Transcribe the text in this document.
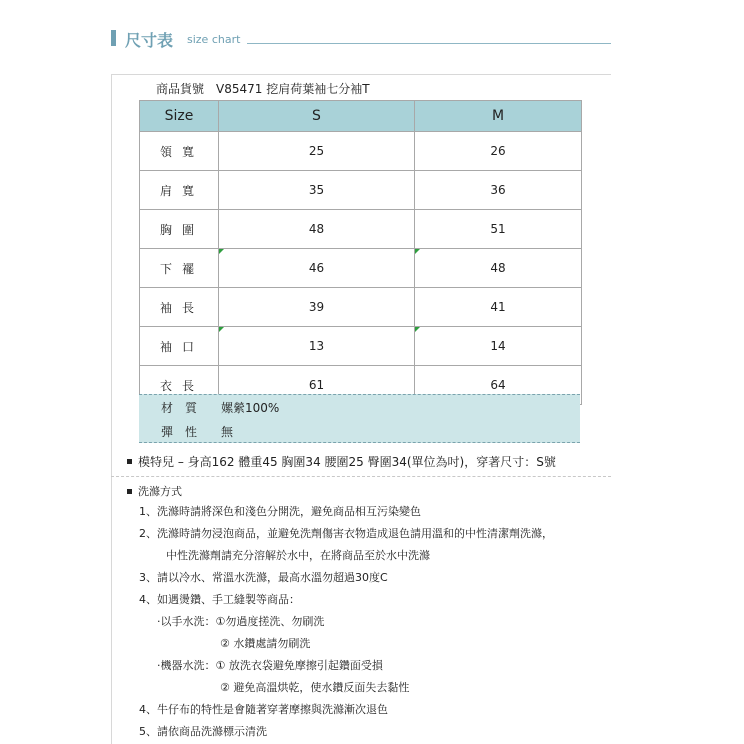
尺寸表 size chart
商品貨號 V85471 挖肩荷葉袖七分袖T
Size	S	M
領寬	25	26
肩寬	35	36
胸圍	48	51
下襬	46	48
袖長	39	41
袖口	13	14
衣長	61	64
材質 嫘縈100%
彈性 無
模特兒 – 身高162 體重45 胸圍34 腰圍25 臀圍34(單位為吋)，穿著尺寸：S號
洗滌方式
1、洗滌時請將深色和淺色分開洗，避免商品相互污染變色
2、洗滌時請勿浸泡商品，並避免洗劑傷害衣物造成退色請用溫和的中性清潔劑洗滌，
中性洗滌劑請充分溶解於水中，在將商品至於水中洗滌
3、請以冷水、常溫水洗滌，最高水溫勿超過30度C
4、如遇燙鑽、手工縫製等商品：
‧以手水洗：①勿過度搓洗、勿刷洗
② 水鑽處請勿刷洗
‧機器水洗：① 放洗衣袋避免摩擦引起鑽面受損
② 避免高溫烘乾，使水鑽反面失去黏性
4、牛仔布的特性是會隨著穿著摩擦與洗滌漸次退色
5、請依商品洗滌標示清洗
